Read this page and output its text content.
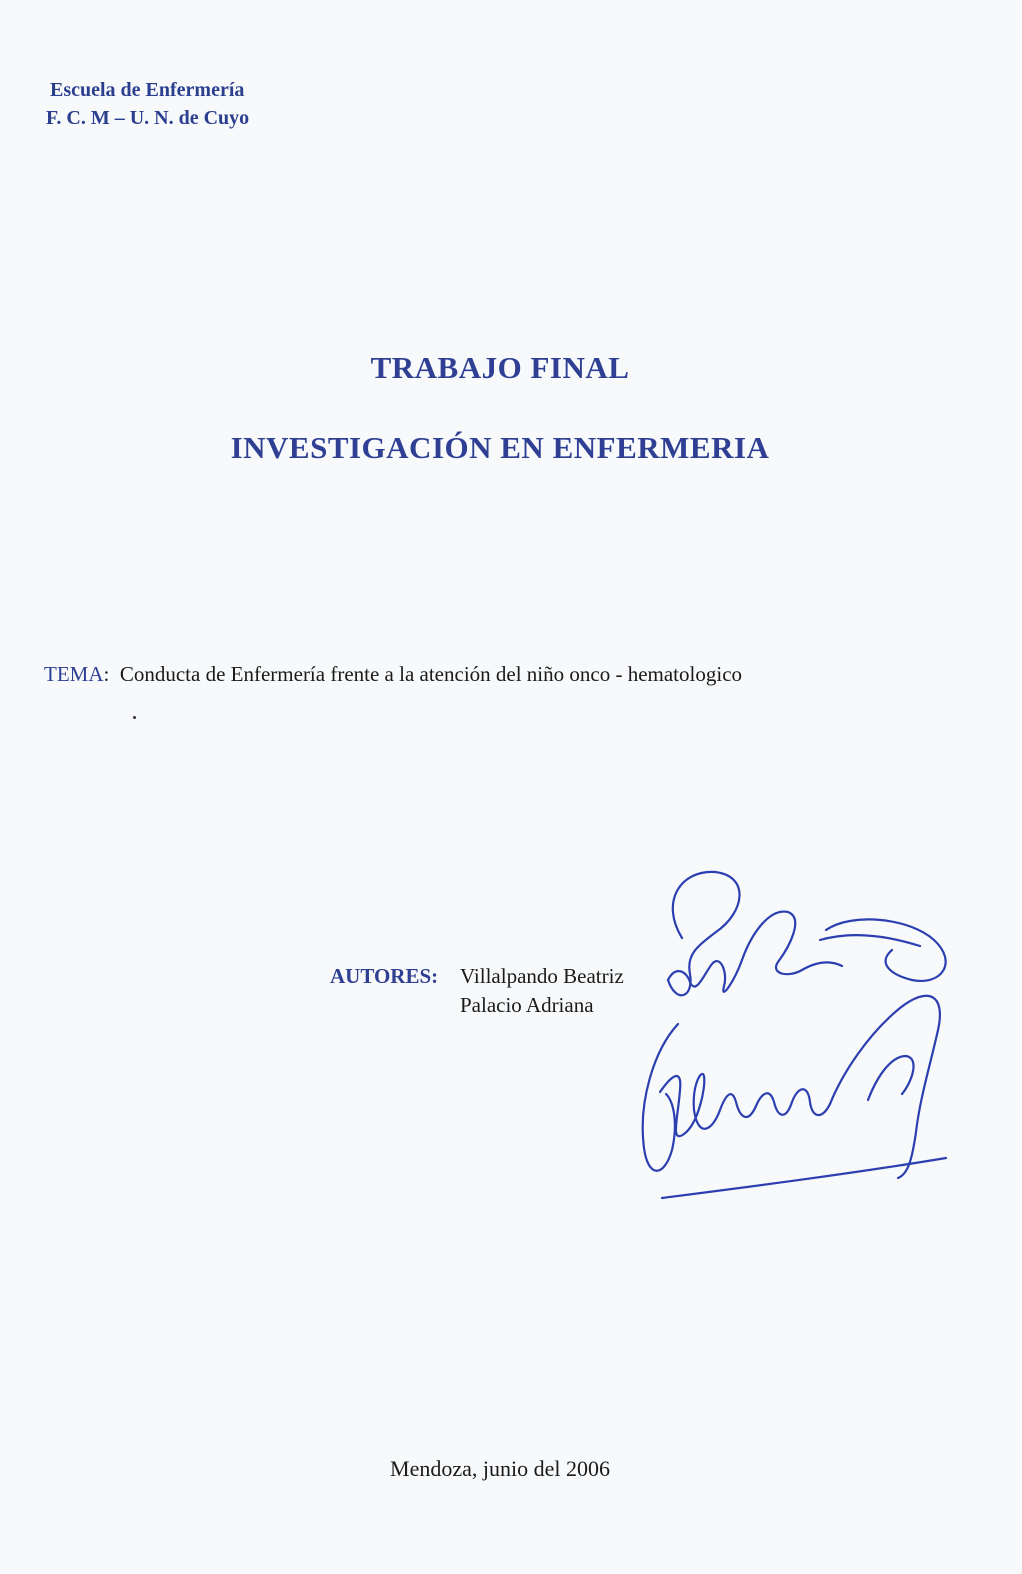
Escuela de Enfermería
F. C. M – U. N. de Cuyo
TRABAJO FINAL
INVESTIGACIÓN EN ENFERMERIA
TEMA: Conducta de Enfermería frente a la atención del niño onco - hematologico
AUTORES: Villalpando Beatriz
Palacio Adriana
Mendoza, junio del 2006
